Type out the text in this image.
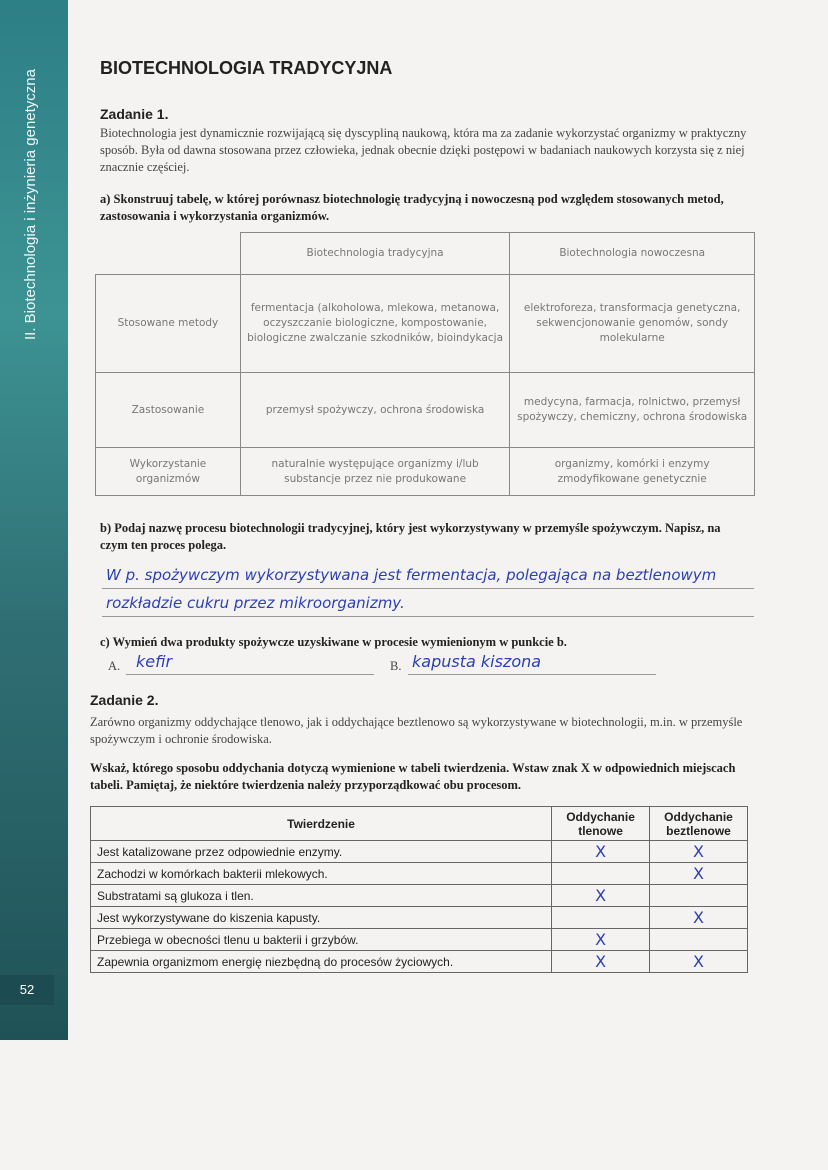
II. Biotechnologia i inżynieria genetyczna
52
BIOTECHNOLOGIA TRADYCYJNA
Zadanie 1.
Biotechnologia jest dynamicznie rozwijającą się dyscypliną naukową, która ma za zadanie wykorzystać organizmy w praktyczny sposób. Była od dawna stosowana przez człowieka, jednak obecnie dzięki postępowi w badaniach naukowych korzysta się z niej znacznie częściej.
a) Skonstruuj tabelę, w której porównasz biotechnologię tradycyjną i nowoczesną pod względem stosowanych metod, zastosowania i wykorzystania organizmów.
	Biotechnologia tradycyjna	Biotechnologia nowoczesna
Stosowane metody	fermentacja (alkoholowa, mlekowa, metanowa, oczyszczanie biologiczne, kompostowanie, biologiczne zwalczanie szkodników, bioindykacja	elektroforeza, transformacja genetyczna, sekwencjonowanie genomów, sondy molekularne
Zastosowanie	przemysł spożywczy, ochrona środowiska	medycyna, farmacja, rolnictwo, przemysł spożywczy, chemiczny, ochrona środowiska
Wykorzystanie organizmów	naturalnie występujące organizmy i/lub substancje przez nie produkowane	organizmy, komórki i enzymy zmodyfikowane genetycznie
b) Podaj nazwę procesu biotechnologii tradycyjnej, który jest wykorzystywany w przemyśle spożywczym. Napisz, na czym ten proces polega.
W p. spożywczym wykorzystywana jest fermentacja, polegająca na beztlenowym
rozkładzie cukru przez mikroorganizmy.
c) Wymień dwa produkty spożywcze uzyskiwane w procesie wymienionym w punkcie b.
A. kefir	B. kapusta kiszona
Zadanie 2.
Zarówno organizmy oddychające tlenowo, jak i oddychające beztlenowo są wykorzystywane w biotechnologii, m.in. w przemyśle spożywczym i ochronie środowiska.
Wskaż, którego sposobu oddychania dotyczą wymienione w tabeli twierdzenia. Wstaw znak X w odpowiednich miejscach tabeli. Pamiętaj, że niektóre twierdzenia należy przyporządkować obu procesom.
Twierdzenie	Oddychanie tlenowe	Oddychanie beztlenowe
Jest katalizowane przez odpowiednie enzymy.	X	X
Zachodzi w komórkach bakterii mlekowych.		X
Substratami są glukoza i tlen.	X	
Jest wykorzystywane do kiszenia kapusty.		X
Przebiega w obecności tlenu u bakterii i grzybów.	X	
Zapewnia organizmom energię niezbędną do procesów życiowych.	X	X
